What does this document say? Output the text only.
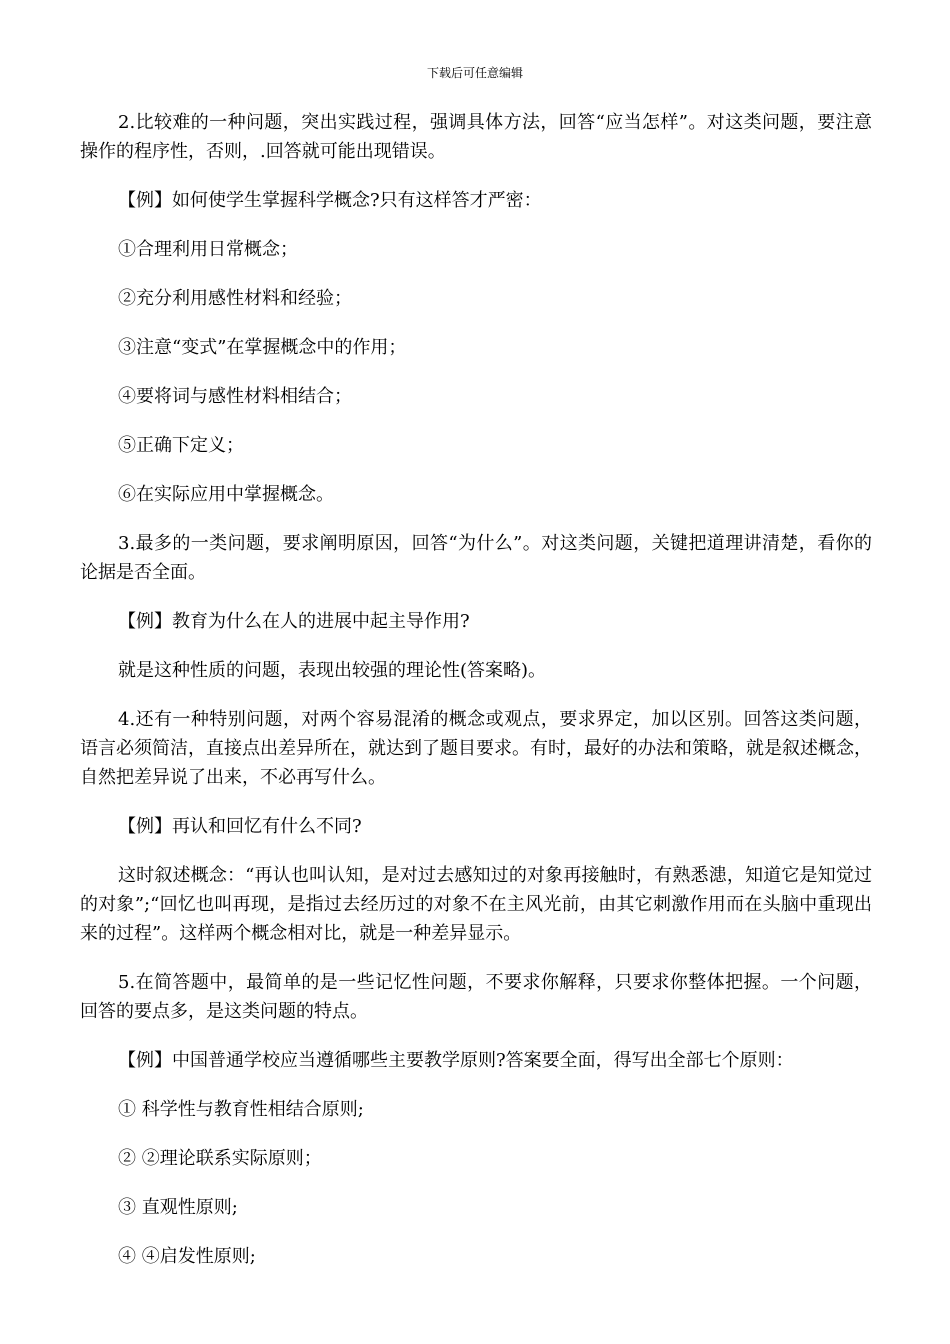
下载后可任意编辑

2.比较难的一种问题，突出实践过程，强调具体方法，回答“应当怎样”。对这类问题，要注意操作的程序性，否则，.回答就可能出现错误。

【例】如何使学生掌握科学概念?只有这样答才严密：

①合理利用日常概念；

②充分利用感性材料和经验；

③注意“变式”在掌握概念中的作用；

④要将词与感性材料相结合；

⑤正确下定义；

⑥在实际应用中掌握概念。

3.最多的一类问题，要求阐明原因，回答“为什么”。对这类问题，关键把道理讲清楚，看你的论据是否全面。

【例】教育为什么在人的进展中起主导作用?

就是这种性质的问题，表现出较强的理论性(答案略)。

4.还有一种特别问题，对两个容易混淆的概念或观点，要求界定，加以区别。回答这类问题，语言必须简洁，直接点出差异所在，就达到了题目要求。有时，最好的办法和策略，就是叙述概念，自然把差异说了出来，不必再写什么。

【例】再认和回忆有什么不同?

这时叙述概念：“再认也叫认知，是对过去感知过的对象再接触时，有熟悉漶，知道它是知觉过的对象”;“回忆也叫再现，是指过去经历过的对象不在主风光前，由其它刺激作用而在头脑中重现出来的过程”。这样两个概念相对比，就是一种差异显示。

5.在简答题中，最简单的是一些记忆性问题，不要求你解释，只要求你整体把握。一个问题，回答的要点多，是这类问题的特点。

【例】中国普通学校应当遵循哪些主要教学原则?答案要全面，得写出全部七个原则：

① 科学性与教育性相结合原则;

② ②理论联系实际原则；

③ 直观性原则;

④ ④启发性原则;
